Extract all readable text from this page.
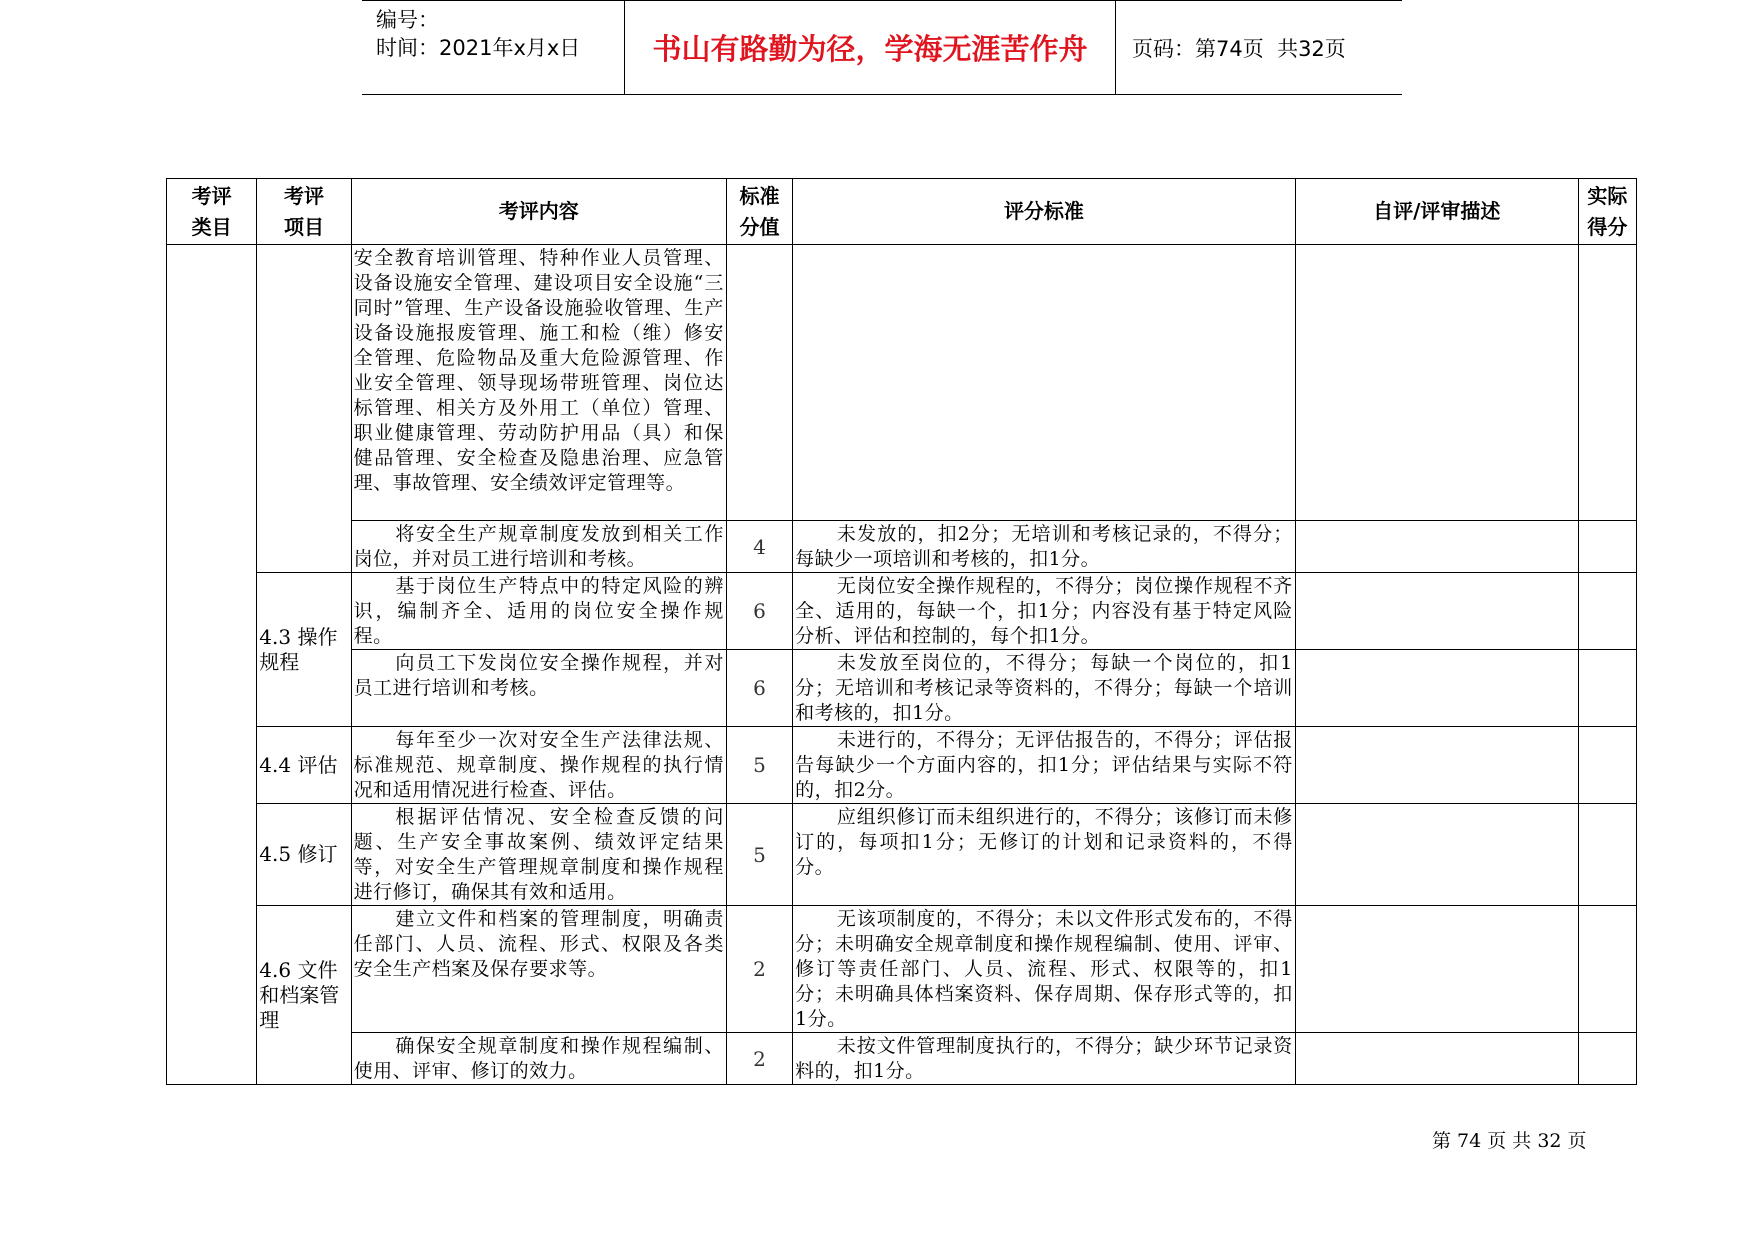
编号：
时间：2021年x月x日	书山有路勤为径，学海无涯苦作舟	页码：第74页  共32页
考评类目	考评项目	考评内容	标准分值	评分标准	自评/评审描述	实际得分

		安全教育培训管理、特种作业人员管理、设备设施安全管理、建设项目安全设施“三同时”管理、生产设备设施验收管理、生产设备设施报废管理、施工和检（维）修安全管理、危险物品及重大危险源管理、作业安全管理、领导现场带班管理、岗位达标管理、相关方及外用工（单位）管理、职业健康管理、劳动防护用品（具）和保健品管理、安全检查及隐患治理、应急管理、事故管理、安全绩效评定管理等。				
		将安全生产规章制度发放到相关工作岗位，并对员工进行培训和考核。	4	未发放的，扣2分；无培训和考核记录的，不得分；每缺少一项培训和考核的，扣1分。		
	4.3 操作规程	基于岗位生产特点中的特定风险的辨识，编制齐全、适用的岗位安全操作规程。	6	无岗位安全操作规程的，不得分；岗位操作规程不齐全、适用的，每缺一个，扣1分；内容没有基于特定风险分析、评估和控制的，每个扣1分。		
		向员工下发岗位安全操作规程，并对员工进行培训和考核。	6	未发放至岗位的，不得分；每缺一个岗位的，扣1分；无培训和考核记录等资料的，不得分；每缺一个培训和考核的，扣1分。		
	4.4 评估	每年至少一次对安全生产法律法规、标准规范、规章制度、操作规程的执行情况和适用情况进行检查、评估。	5	未进行的，不得分；无评估报告的，不得分；评估报告每缺少一个方面内容的，扣1分；评估结果与实际不符的，扣2分。		
	4.5 修订	根据评估情况、安全检查反馈的问题、生产安全事故案例、绩效评定结果等，对安全生产管理规章制度和操作规程进行修订，确保其有效和适用。	5	应组织修订而未组织进行的，不得分；该修订而未修订的，每项扣1分；无修订的计划和记录资料的，不得分。		
	4.6 文件和档案管理	建立文件和档案的管理制度，明确责任部门、人员、流程、形式、权限及各类安全生产档案及保存要求等。	2	无该项制度的，不得分；未以文件形式发布的，不得分；未明确安全规章制度和操作规程编制、使用、评审、修订等责任部门、人员、流程、形式、权限等的，扣1分；未明确具体档案资料、保存周期、保存形式等的，扣1分。		
		确保安全规章制度和操作规程编制、使用、评审、修订的效力。	2	未按文件管理制度执行的，不得分；缺少环节记录资料的，扣1分。		
第 74 页 共 32 页
